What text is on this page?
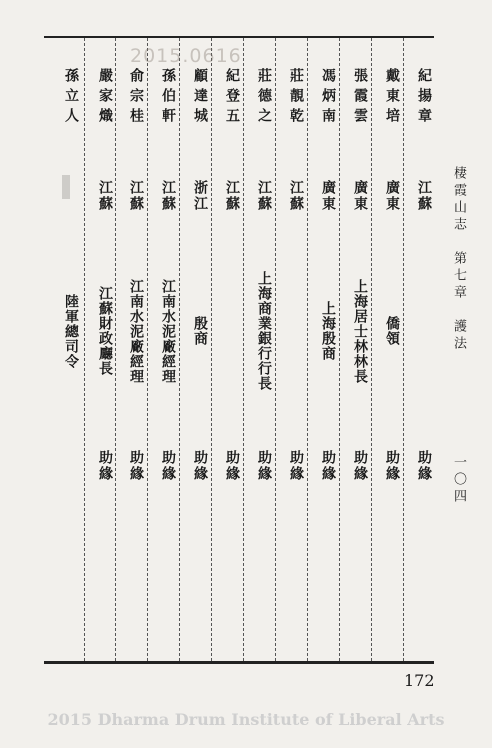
紀揚章
江蘇
助緣
戴東培
廣東
僑領
助緣
張霞雲
廣東
上海居士林林長
助緣
馮炳南
廣東
上海殷商
助緣
莊靚乾
江蘇
助緣
莊德之
江蘇
上海商業銀行行長
助緣
紀登五
江蘇
助緣
顧達城
浙江
殷商
助緣
孫伯軒
江蘇
江南水泥廠經理
助緣
俞宗桂
江蘇
江南水泥廠經理
助緣
嚴家熾
江蘇
江蘇財政廳長
助緣
孫立人
陸軍總司令
2015.0616
棲霞山志　第七章　護法　　　　　　一〇四
172
2015 Dharma Drum Institute of Liberal Arts
